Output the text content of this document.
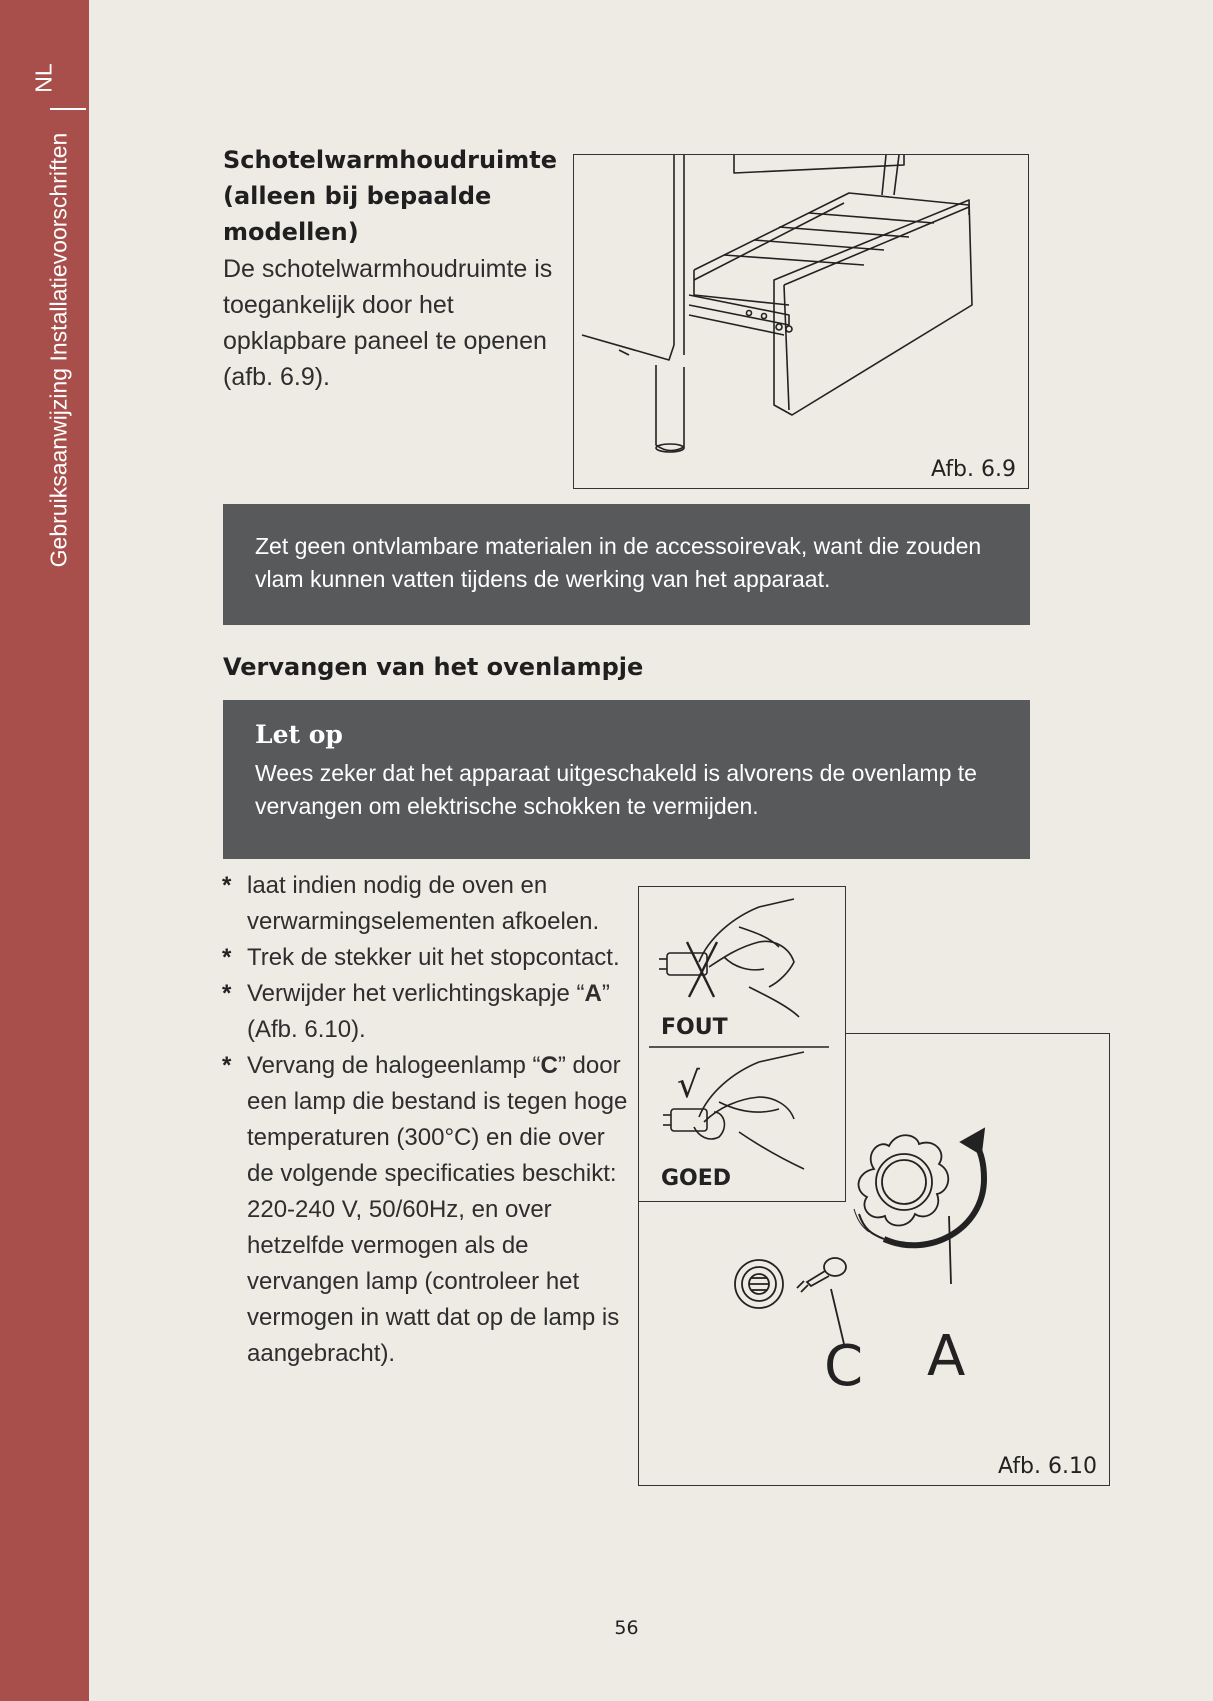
NL
Gebruiksaanwijzing Installatievoorschriften	Schotelwarmhoudruimte (alleen bij bepaalde modellen)
De schotelwarmhoudruimte is toegankelijk door het opklapbare paneel te openen (afb. 6.9).
Afb. 6.9
Zet geen ontvlambare materialen in de accessoirevak, want die zouden vlam kunnen vatten tijdens de werking van het apparaat.
Vervangen van het ovenlampje
Let op
Wees zeker dat het apparaat uitgeschakeld is alvorens de ovenlamp te vervangen om elektrische schokken te vermijden.
* laat indien nodig de oven en verwarmingselementen afkoelen.
* Trek de stekker uit het stopcontact.
* Verwijder het verlichtingskapje “A” (Afb. 6.10).
* Vervang de halogeenlamp “C” door een lamp die bestand is tegen hoge temperaturen (300°C) en die over de volgende specificaties beschikt: 220-240 V, 50/60Hz, en over hetzelfde vermogen als de vervangen lamp (controleer het vermogen in watt dat op de lamp is aangebracht).	C A
Afb. 6.10
√
FOUT
GOED
56
